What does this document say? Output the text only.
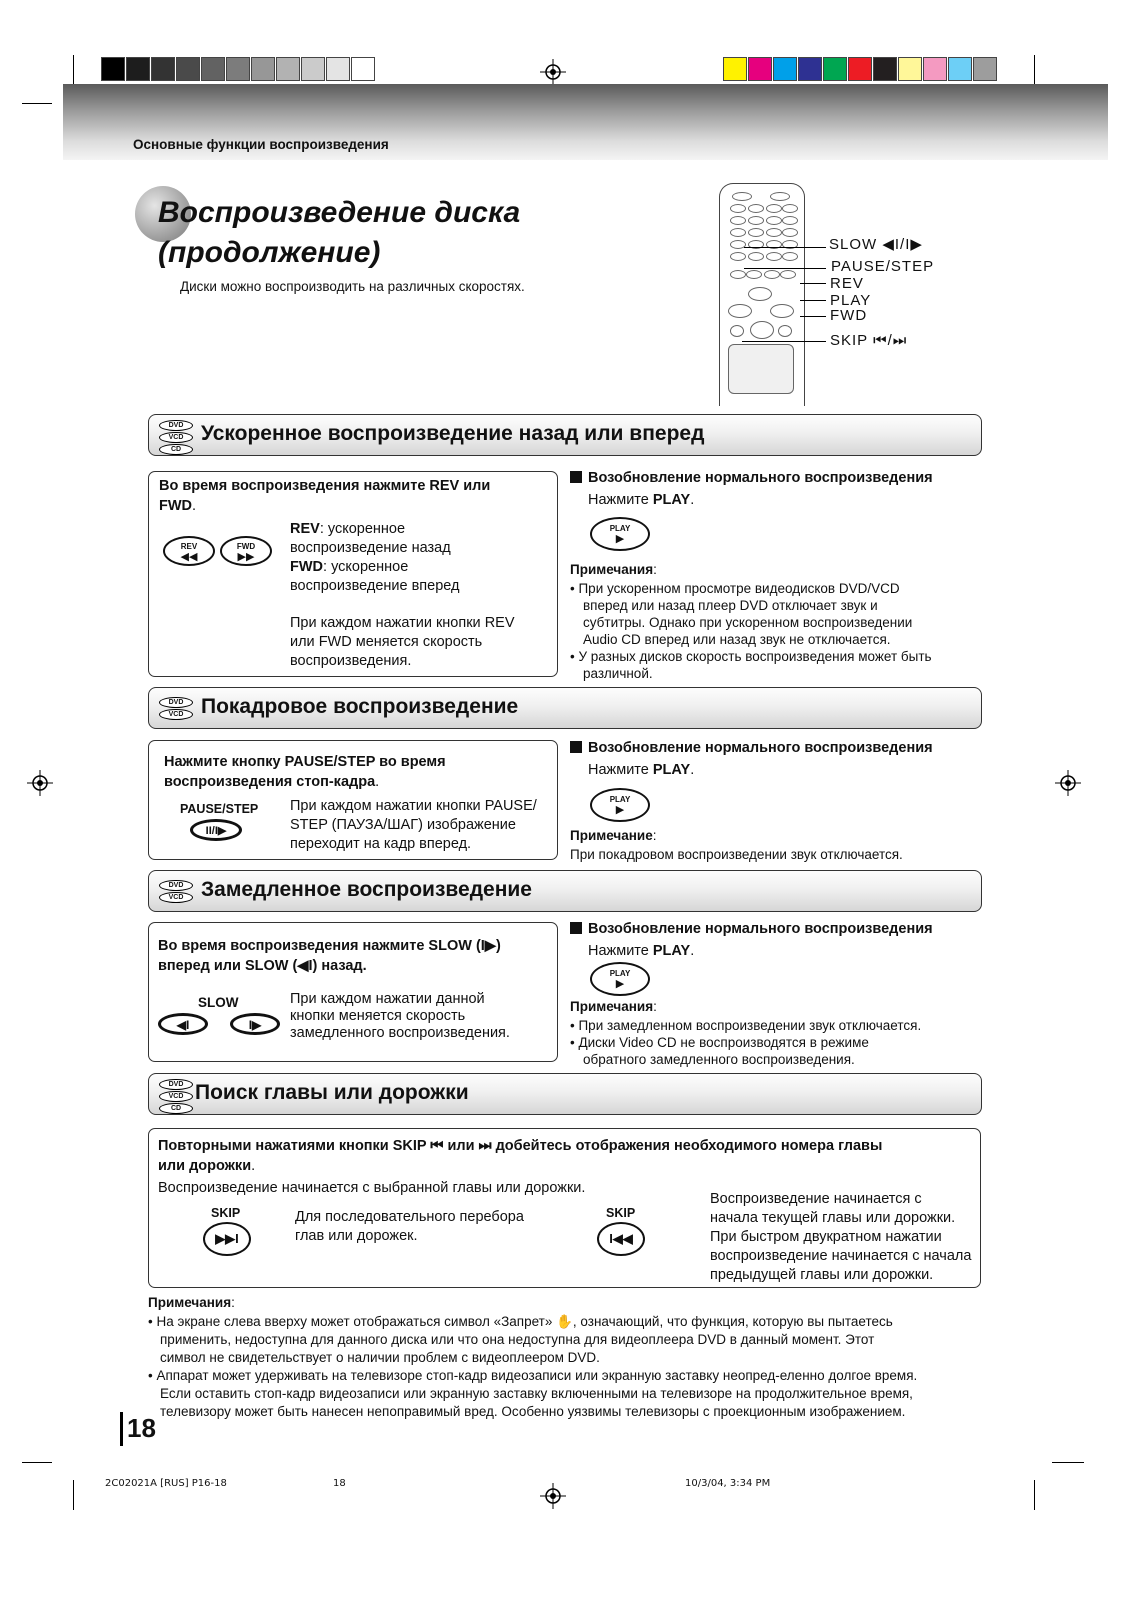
Основные функции воспроизведения
Воспроизведение диска
(продолжение)
Диски можно воспроизводить на различных скоростях.
SLOW ◀Ι/Ι▶
PAUSE/STEP
REV
PLAY
FWD
SKIP ⏮/⏭
DVD
VCD
CD
Ускоренное воспроизведение назад или вперед
Во время воспроизведения нажмите REV или
FWD.
REV
◀◀
FWD
▶▶
REV: ускоренное
воспроизведение назад
FWD: ускоренное
воспроизведение вперед
При каждом нажатии кнопки REV
или FWD меняется скорость
воспроизведения.
Возобновление нормального воспроизведения
Нажмите PLAY.
PLAY
▶
Примечания:
• При ускоренном просмотре видеодисков DVD/VCD
вперед или назад плеер DVD отключает звук и
субтитры. Однако при ускоренном воспроизведении
Audio CD вперед или назад звук не отключается.
• У разных дисков скорость воспроизведения может быть
различной.
DVD
VCD Покадровое воспроизведение
Нажмите кнопку PAUSE/STEP во время
воспроизведения стоп-кадра.
PAUSE/STEP
ΙΙ/Ι▶
При каждом нажатии кнопки PAUSE/
STEP (ПАУЗА/ШАГ) изображение
переходит на кадр вперед.
Возобновление нормального воспроизведения
Нажмите PLAY.
PLAY
▶
Примечание:
При покадровом воспроизведении звук отключается.
DVD
VCD Замедленное воспроизведение
Во время воспроизведения нажмите SLOW (Ι▶)
вперед или SLOW (◀Ι) назад.
SLOW
◀Ι	Ι▶
При каждом нажатии данной
кнопки меняется скорость
замедленного воспроизведения.
Возобновление нормального воспроизведения
Нажмите PLAY.
PLAY
▶
Примечания:
• При замедленном воспроизведении звук отключается.
• Диски Video CD не воспроизводятся в режиме
обратного замедленного воспроизведения.
DVD
VCD
CD
Поиск главы или дорожки
Повторными нажатиями кнопки SKIP ⏮ или ⏭ добейтесь отображения необходимого номера главы
или дорожки.
Воспроизведение начинается с выбранной главы или дорожки.
SKIP
▶▶Ι
Для последовательного перебора
глав или дорожек.
SKIP
Ι◀◀
Воспроизведение начинается с
начала текущей главы или дорожки.
При быстром двукратном нажатии
воспроизведение начинается с начала
предыдущей главы или дорожки.
Примечания:
• На экране слева вверху может отображаться символ «Запрет» ✋, означающий, что функция, которую вы пытаетесь
применить, недоступна для данного диска или что она недоступна для видеоплеера DVD в данный момент. Этот
символ не свидетельствует о наличии проблем с видеоплеером DVD.
• Аппарат может удерживать на телевизоре стоп-кадр видеозаписи или экранную заставку неопред-еленно долгое время.
Если оставить стоп-кадр видеозаписи или экранную заставку включенными на телевизоре на продолжительное время,
телевизору может быть нанесен непоправимый вред. Особенно уязвимы телевизоры с проекционным изображением.
18
2C02021A [RUS] P16-18	18	10/3/04, 3:34 PM
